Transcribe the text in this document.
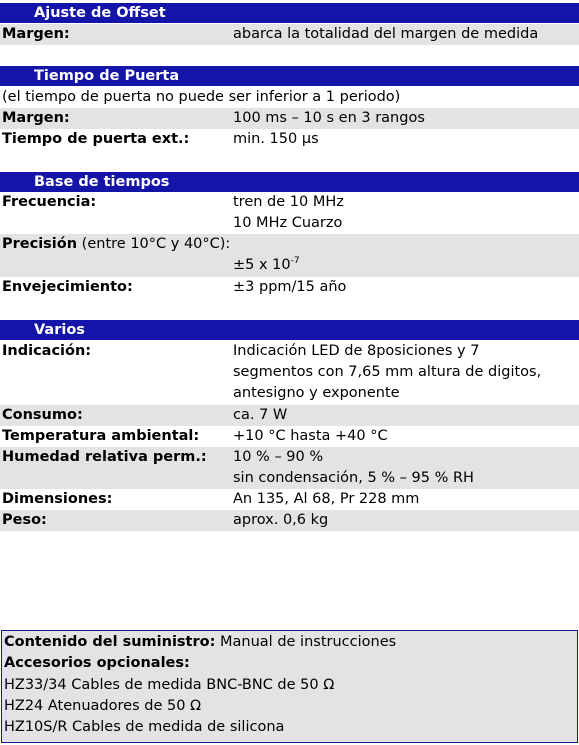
Ajuste de Offset
Margen:	abarca la totalidad del margen de medida
Tiempo de Puerta
(el tiempo de puerta no puede ser inferior a 1 periodo)
Margen:	100 ms – 10 s en 3 rangos
Tiempo de puerta ext.:	min. 150 µs
Base de tiempos
Frecuencia:	tren de 10 MHz
10 MHz Cuarzo
Precisión (entre 10°C y 40°C):
±5 x $10^{-7}$
Envejecimiento:	±3 ppm/15 año
Varios
Indicación:	Indicación LED de 8posiciones y 7
segmentos con 7,65 mm altura de digitos,
antesigno y exponente
Consumo:	ca. 7 W
Temperatura ambiental: +10 °C hasta +40 °C
Humedad relativa perm.: 10 % – 90 %
sin condensación, 5 % – 95 % RH
Dimensiones:	An 135, Al 68, Pr 228 mm
Peso:	aprox. 0,6 kg
Contenido del suministro: Manual de instrucciones
Accesorios opcionales:
HZ33/34 Cables de medida BNC-BNC de 50 Ω
HZ24 Atenuadores de 50 Ω
HZ10S/R Cables de medida de silicona
